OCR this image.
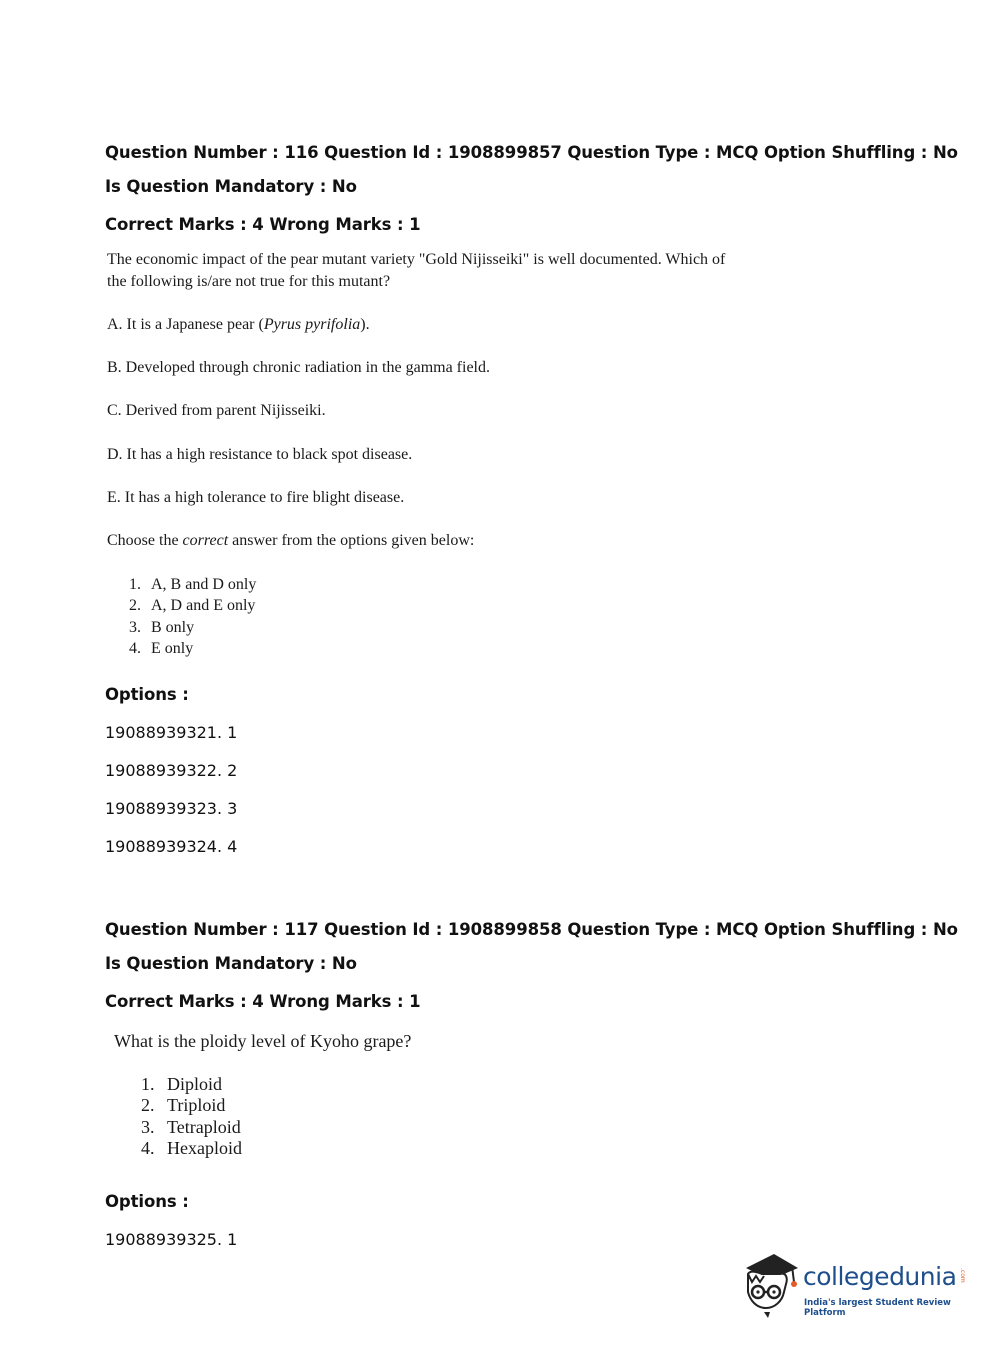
Question Number : 116 Question Id : 1908899857 Question Type : MCQ Option Shuffling : No
Is Question Mandatory : No
Correct Marks : 4 Wrong Marks : 1
The economic impact of the pear mutant variety "Gold Nijisseiki" is well documented. Which of
the following is/are not true for this mutant?
A. It is a Japanese pear (Pyrus pyrifolia).
B. Developed through chronic radiation in the gamma field.
C. Derived from parent Nijisseiki.
D. It has a high resistance to black spot disease.
E. It has a high tolerance to fire blight disease.
Choose the correct answer from the options given below:
1. A, B and D only
2. A, D and E only
3. B only
4. E only
Options :
19088939321. 1
19088939322. 2
19088939323. 3
19088939324. 4
Question Number : 117 Question Id : 1908899858 Question Type : MCQ Option Shuffling : No
Is Question Mandatory : No
Correct Marks : 4 Wrong Marks : 1
What is the ploidy level of Kyoho grape?
1. Diploid
2. Triploid
3. Tetraploid
4. Hexaploid
Options :
19088939325. 1
collegedunia .com
India's largest Student Review Platform
